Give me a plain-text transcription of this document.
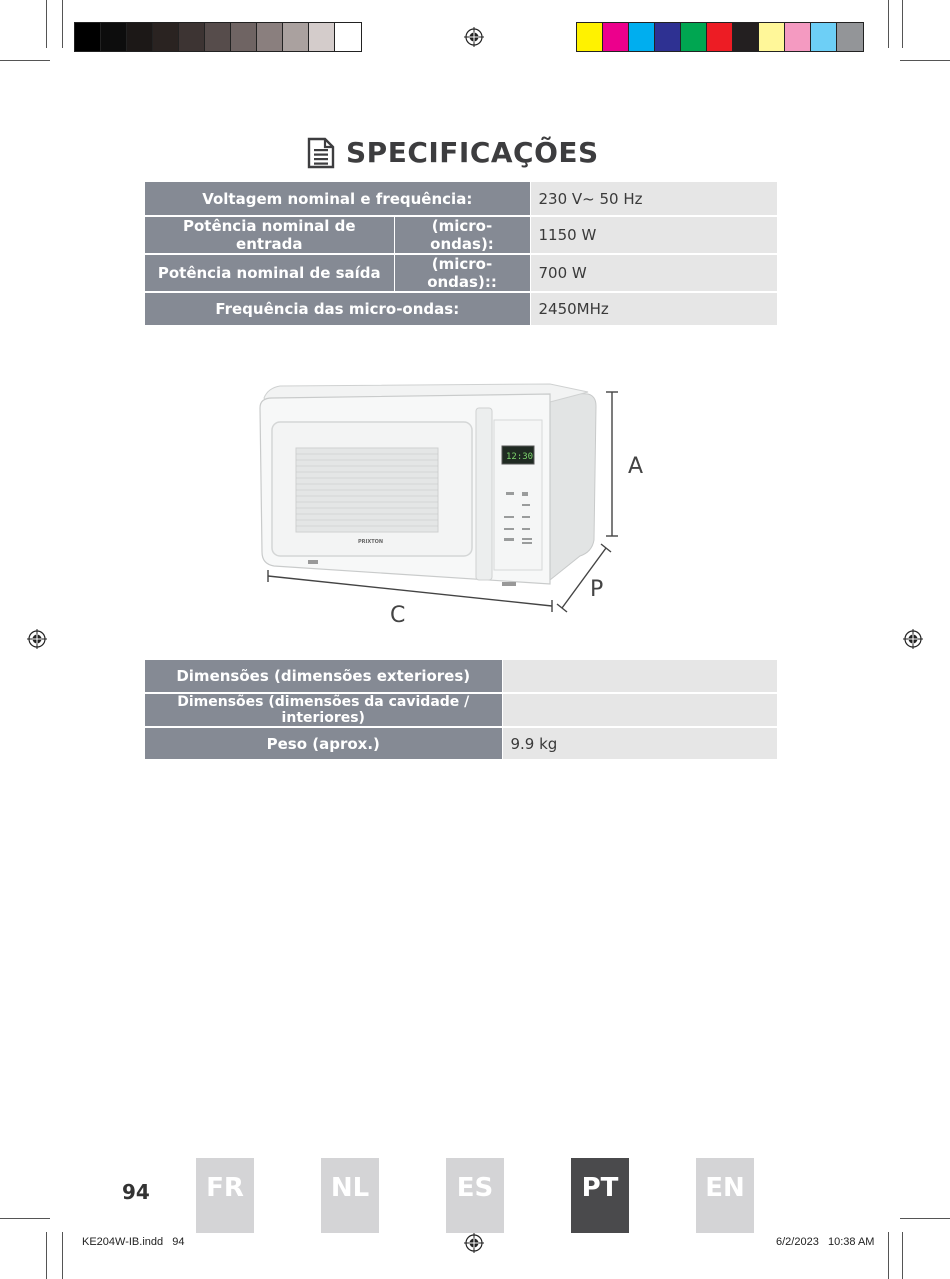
SPECIFICAÇÕES
Voltagem nominal e frequência:		230 V~ 50 Hz
Potência nominal de entrada	(micro-ondas):	1150 W
Potência nominal de saída	(micro-ondas)::	700 W
Frequência das micro-ondas:		2450MHz
PRIXTON
12:30	A
P
C
Dimensões (dimensões exteriores)	
Dimensões (dimensões da cavidade / interiores)	
Peso (aprox.)	9.9 kg
94	FR	NL	ES	PT	EN
KE204W-IB.indd   94	6/2/2023   10:38 AM
